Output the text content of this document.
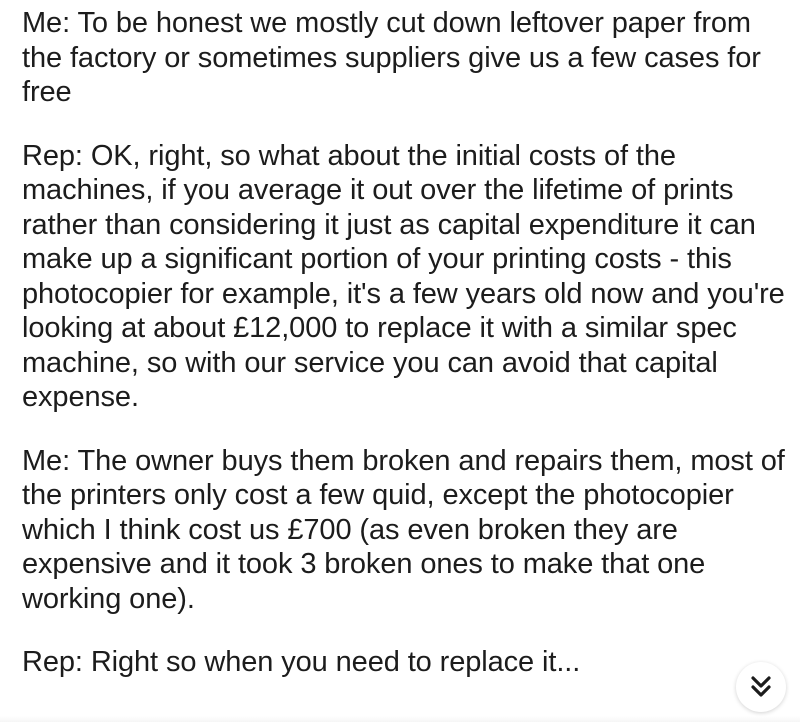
Me: To be honest we mostly cut down leftover paper from the factory or sometimes suppliers give us a few cases for free

Rep: OK, right, so what about the initial costs of the machines, if you average it out over the lifetime of prints rather than considering it just as capital expenditure it can make up a significant portion of your printing costs - this photocopier for example, it's a few years old now and you're looking at about £12,000 to replace it with a similar spec machine, so with our service you can avoid that capital expense.

Me: The owner buys them broken and repairs them, most of the printers only cost a few quid, except the photocopier which I think cost us £700 (as even broken they are expensive and it took 3 broken ones to make that one working one).

Rep: Right so when you need to replace it...
